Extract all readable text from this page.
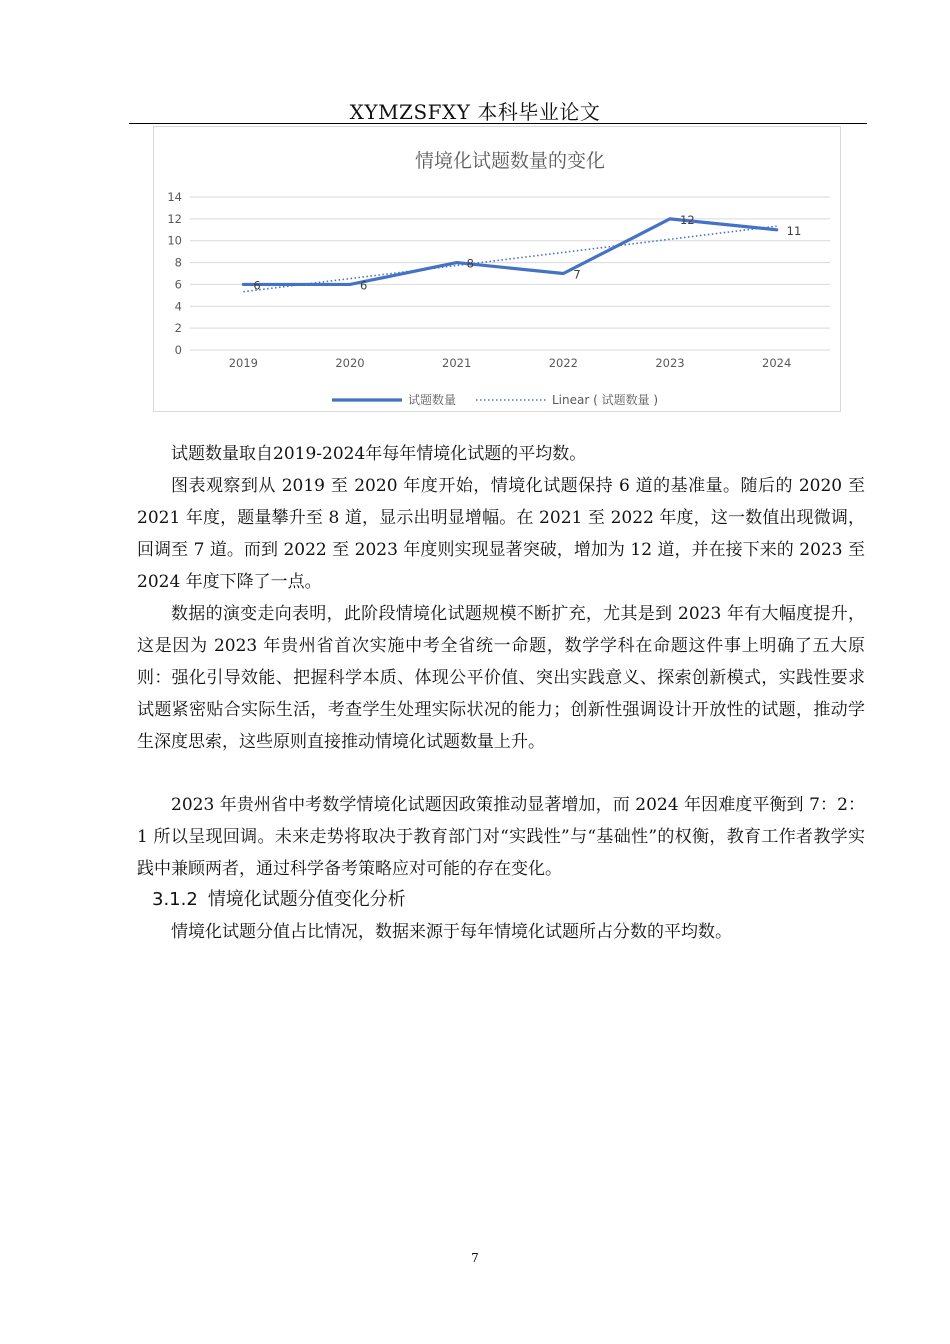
XYMZSFXY 本科毕业论文
情境化试题数量的变化
0
2
4
6
8
10
12
14
2019	2020	2021	2022	2023	2024
6	6
8
7
12
11
试题数量	Linear ( 试题数量 )

试题数量取自2019-2024年每年情境化试题的平均数。

图表观察到从 2019 至 2020 年度开始，情境化试题保持 6 道的基准量。随后的 2020 至 2021 年度，题量攀升至 8 道，显示出明显增幅。在 2021 至 2022 年度，这一数值出现微调，回调至 7 道。而到 2022 至 2023 年度则实现显著突破，增加为 12 道，并在接下来的 2023 至 2024 年度下降了一点。

数据的演变走向表明，此阶段情境化试题规模不断扩充，尤其是到 2023 年有大幅度提升，这是因为 2023 年贵州省首次实施中考全省统一命题，数学学科在命题这件事上明确了五大原则：强化引导效能、把握科学本质、体现公平价值、突出实践意义、探索创新模式，实践性要求试题紧密贴合实际生活，考查学生处理实际状况的能力；创新性强调设计开放性的试题，推动学生深度思索，这些原则直接推动情境化试题数量上升。

2023 年贵州省中考数学情境化试题因政策推动显著增加，而 2024 年因难度平衡到 7：2：1 所以呈现回调。未来走势将取决于教育部门对“实践性”与“基础性”的权衡，教育工作者教学实践中兼顾两者，通过科学备考策略应对可能的存在变化。

3.1.2 情境化试题分值变化分析

情境化试题分值占比情况，数据来源于每年情境化试题所占分数的平均数。

7
